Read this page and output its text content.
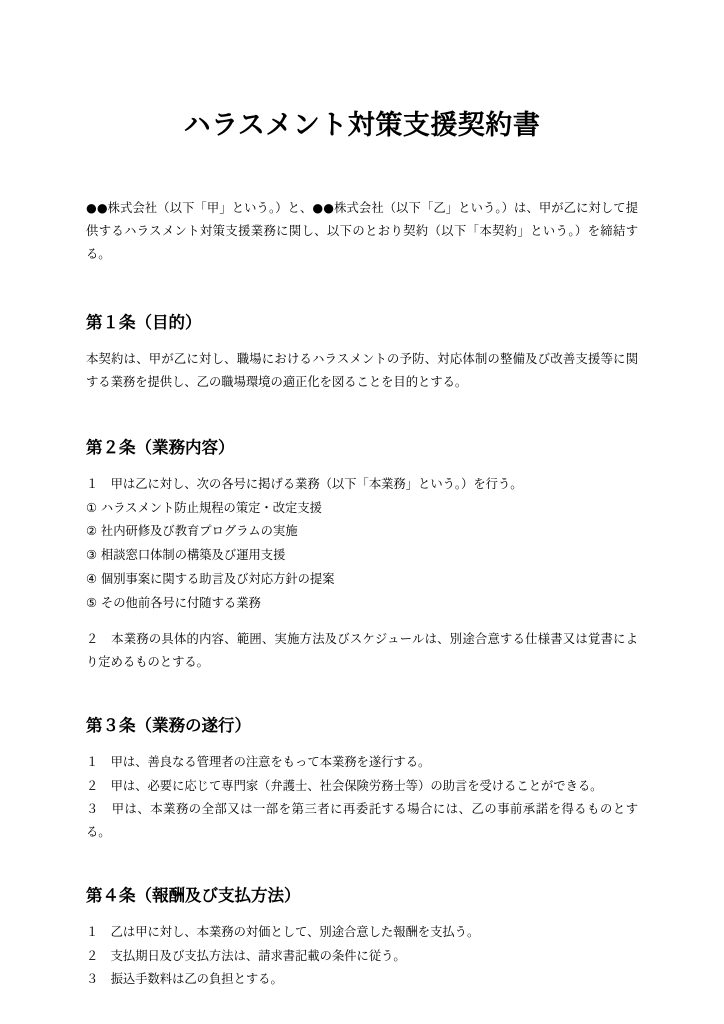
ハラスメント対策支援契約書
●●株式会社（以下「甲」という。）と、●●株式会社（以下「乙」という。）は、甲が乙に対して提供するハラスメント対策支援業務に関し、以下のとおり契約（以下「本契約」という。）を締結する。
第１条（目的）

本契約は、甲が乙に対し、職場におけるハラスメントの予防、対応体制の整備及び改善支援等に関する業務を提供し、乙の職場環境の適正化を図ることを目的とする。

第２条（業務内容）

１　甲は乙に対し、次の各号に掲げる業務（以下「本業務」という。）を行う。

① ハラスメント防止規程の策定・改定支援

② 社内研修及び教育プログラムの実施

③ 相談窓口体制の構築及び運用支援

④ 個別事案に関する助言及び対応方針の提案

⑤ その他前各号に付随する業務

２　本業務の具体的内容、範囲、実施方法及びスケジュールは、別途合意する仕様書又は覚書により定めるものとする。

第３条（業務の遂行）

１　甲は、善良なる管理者の注意をもって本業務を遂行する。

２　甲は、必要に応じて専門家（弁護士、社会保険労務士等）の助言を受けることができる。

３　甲は、本業務の全部又は一部を第三者に再委託する場合には、乙の事前承諾を得るものとする。

第４条（報酬及び支払方法）

１　乙は甲に対し、本業務の対価として、別途合意した報酬を支払う。

２　支払期日及び支払方法は、請求書記載の条件に従う。

３　振込手数料は乙の負担とする。
